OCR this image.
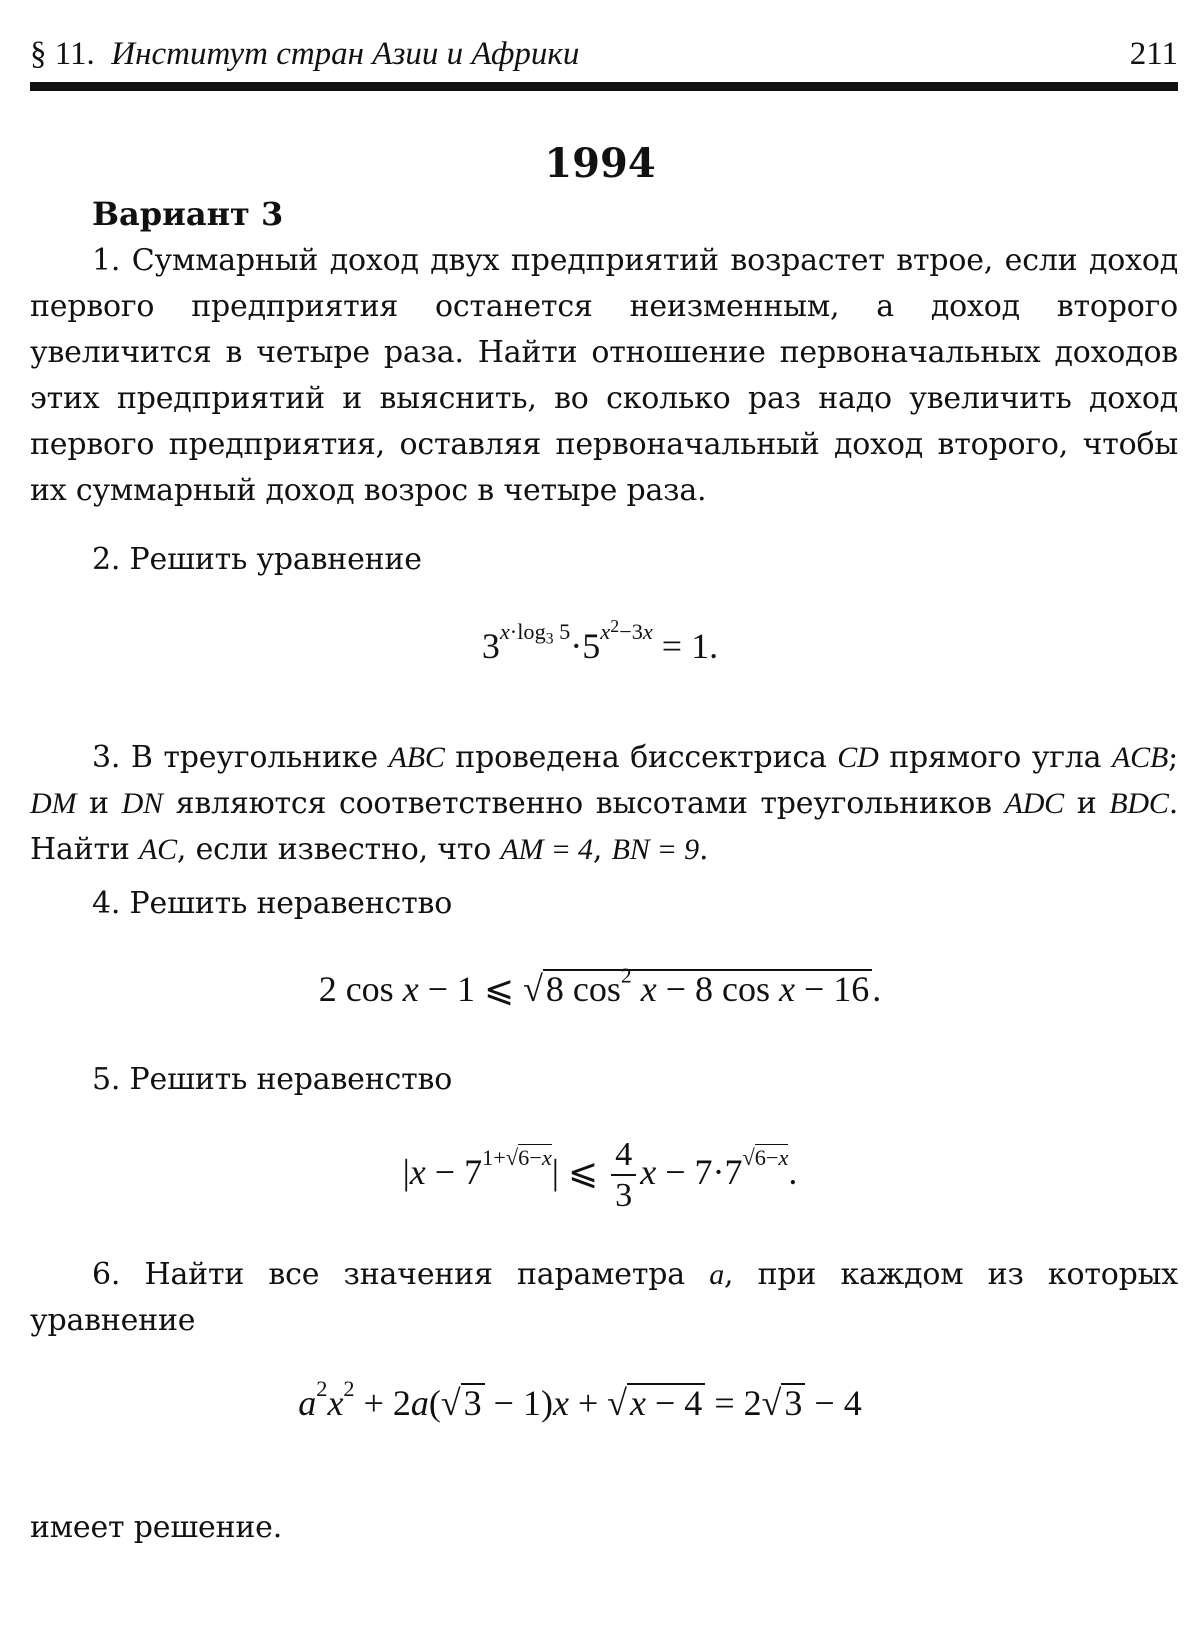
§ 11. Институт стран Азии и Африки	211
1994
Вариант 3
1. Суммарный доход двух предприятий возрастет втрое, если доход первого предприятия останется неизменным, а доход второго увеличится в четыре раза. Найти отношение первоначальных доходов этих предприятий и выяснить, во сколько раз надо увеличить доход первого предприятия, оставляя первоначальный доход второго, чтобы их суммарный доход возрос в четыре раза.
2. Решить уравнение
$3^{x\cdot log_3 5}\cdot 5^{x^2-3x} = 1$.
3. В треугольнике ABC проведена биссектриса CD прямого угла ACB; DM и DN являются соответственно высотами треугольников ADC и BDC. Найти AC, если известно, что AM = 4, BN = 9.
4. Решить неравенство
2 cos x − 1 ⩽ √8 $\cos^2 x - 8$ cos x − 16.
5. Решить неравенство
$|x - 7^{1+√6-x}|$ ⩽ $\frac{4}{3}$ $x - 7\cdot 7^{√6-x}$.
6. Найти все значения параметра a, при каждом из которых уравнение
$a^2x^2 + 2a(√3 - 1)x + √x - 4 = 2√3 - 4$
имеет решение.
